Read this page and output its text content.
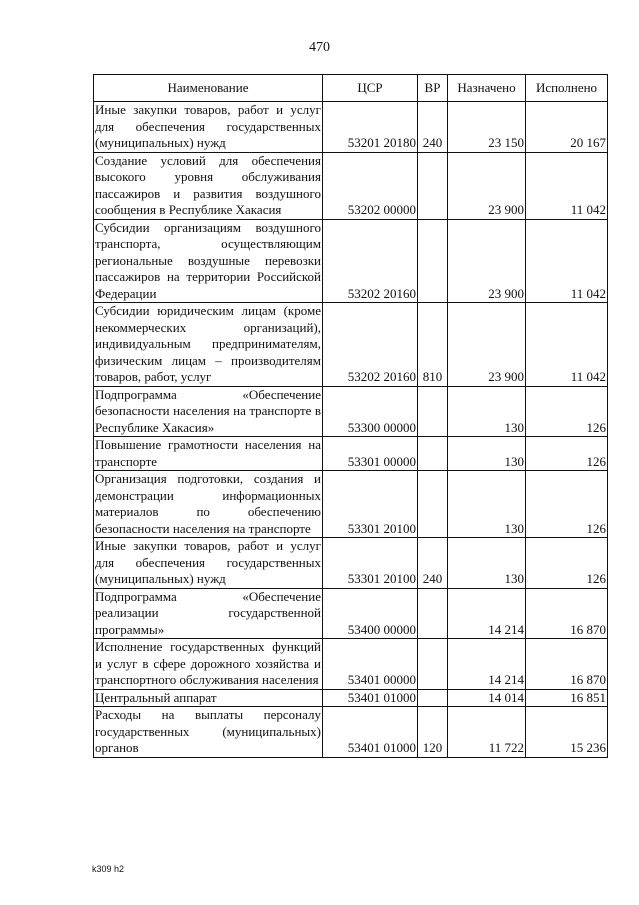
470
Наименование	ЦСР	ВР	Назначено	Исполнено
Иные закупки товаров, работ и услуг для обеспечения государственных (муниципальных) нужд	53201 20180	240	23 150	20 167
Создание условий для обеспечения высокого уровня обслуживания пассажиров и развития воздушного сообщения в Республике Хакасия	53202 00000		23 900	11 042
Субсидии организациям воздушного транспорта, осуществляющим региональные воздушные перевозки пассажиров на территории Российской Федерации	53202 20160		23 900	11 042
Субсидии юридическим лицам (кроме некоммерческих организаций), индивидуальным предпринимателям, физическим лицам – производителям товаров, работ, услуг	53202 20160	810	23 900	11 042
Подпрограмма «Обеспечение безопасности населения на транспорте в Республике Хакасия»	53300 00000		130	126
Повышение грамотности населения на транспорте	53301 00000		130	126
Организация подготовки, создания и демонстрации информационных материалов по обеспечению безопасности населения на транспорте	53301 20100		130	126
Иные закупки товаров, работ и услуг для обеспечения государственных (муниципальных) нужд	53301 20100	240	130	126
Подпрограмма «Обеспечение реализации государственной программы»	53400 00000		14 214	16 870
Исполнение государственных функций и услуг в сфере дорожного хозяйства и транспортного обслуживания населения	53401 00000		14 214	16 870
Центральный аппарат	53401 01000		14 014	16 851
Расходы на выплаты персоналу государственных (муниципальных) органов	53401 01000	120	11 722	15 236
k309 h2
